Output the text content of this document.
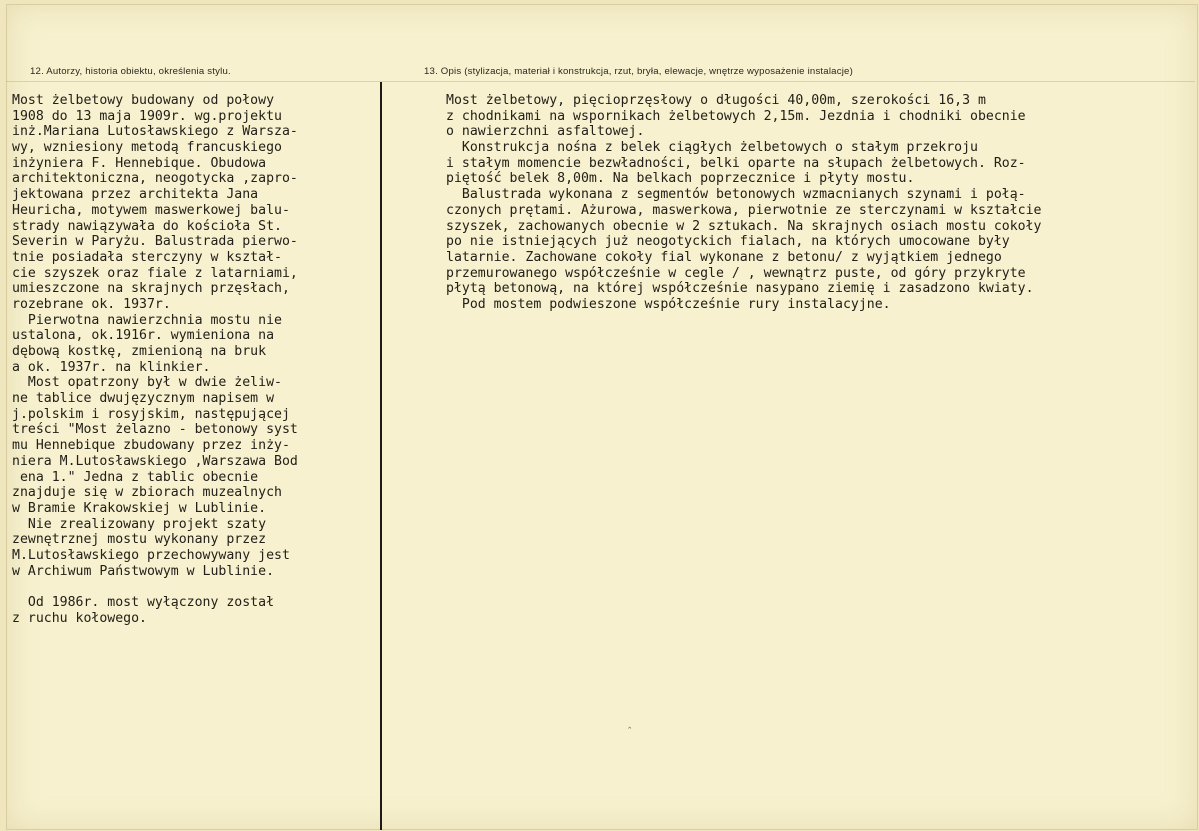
12. Autorzy, historia obiektu, określenia stylu.	13. Opis (stylizacja, materiał i konstrukcja, rzut, bryła, elewacje, wnętrze wyposażenie instalacje)
Most żelbetowy budowany od połowy
1908 do 13 maja 1909r. wg.projektu
inż.Mariana Lutosławskiego z Warsza-
wy, wzniesiony metodą francuskiego
inżyniera F. Hennebique. Obudowa
architektoniczna, neogotycka ,zapro-
jektowana przez architekta Jana
Heuricha, motywem maswerkowej balu-
strady nawiązywała do kościoła St.
Severin w Paryżu. Balustrada pierwo-
tnie posiadała sterczyny w kształ-
cie szyszek oraz fiale z latarniami,
umieszczone na skrajnych przęsłach,
rozebrane ok. 1937r.
Pierwotna nawierzchnia mostu nie
ustalona, ok.1916r. wymieniona na
dębową kostkę, zmienioną na bruk
a ok. 1937r. na klinkier.
Most opatrzony był w dwie żeliw-
ne tablice dwujęzycznym napisem w
j.polskim i rosyjskim, następującej
treści "Most żelazno - betonowy syst
mu Hennebique zbudowany przez inży-
niera M.Lutosławskiego ,Warszawa Bod
ena 1." Jedna z tablic obecnie
znajduje się w zbiorach muzealnych
w Bramie Krakowskiej w Lublinie.
Nie zrealizowany projekt szaty
zewnętrznej mostu wykonany przez
M.Lutosławskiego przechowywany jest
w Archiwum Państwowym w Lublinie.
Od 1986r. most wyłączony został
z ruchu kołowego.
Most żelbetowy, pięcioprzęsłowy o długości 40,00m, szerokości 16,3 m
z chodnikami na wspornikach żelbetowych 2,15m. Jezdnia i chodniki obecnie
o nawierzchni asfaltowej.
Konstrukcja nośna z belek ciągłych żelbetowych o stałym przekroju
i stałym momencie bezwładności, belki oparte na słupach żelbetowych. Roz-
piętość belek 8,00m. Na belkach poprzecznice i płyty mostu.
Balustrada wykonana z segmentów betonowych wzmacnianych szynami i połą-
czonych prętami. Ażurowa, maswerkowa, pierwotnie ze sterczynami w kształcie
szyszek, zachowanych obecnie w 2 sztukach. Na skrajnych osiach mostu cokoły
po nie istniejących już neogotyckich fialach, na których umocowane były
latarnie. Zachowane cokoły fial wykonane z betonu/ z wyjątkiem jednego
przemurowanego współcześnie w cegle / , wewnątrz puste, od góry przykryte
płytą betonową, na której współcześnie nasypano ziemię i zasadzono kwiaty.
Pod mostem podwieszone współcześnie rury instalacyjne.
‸
